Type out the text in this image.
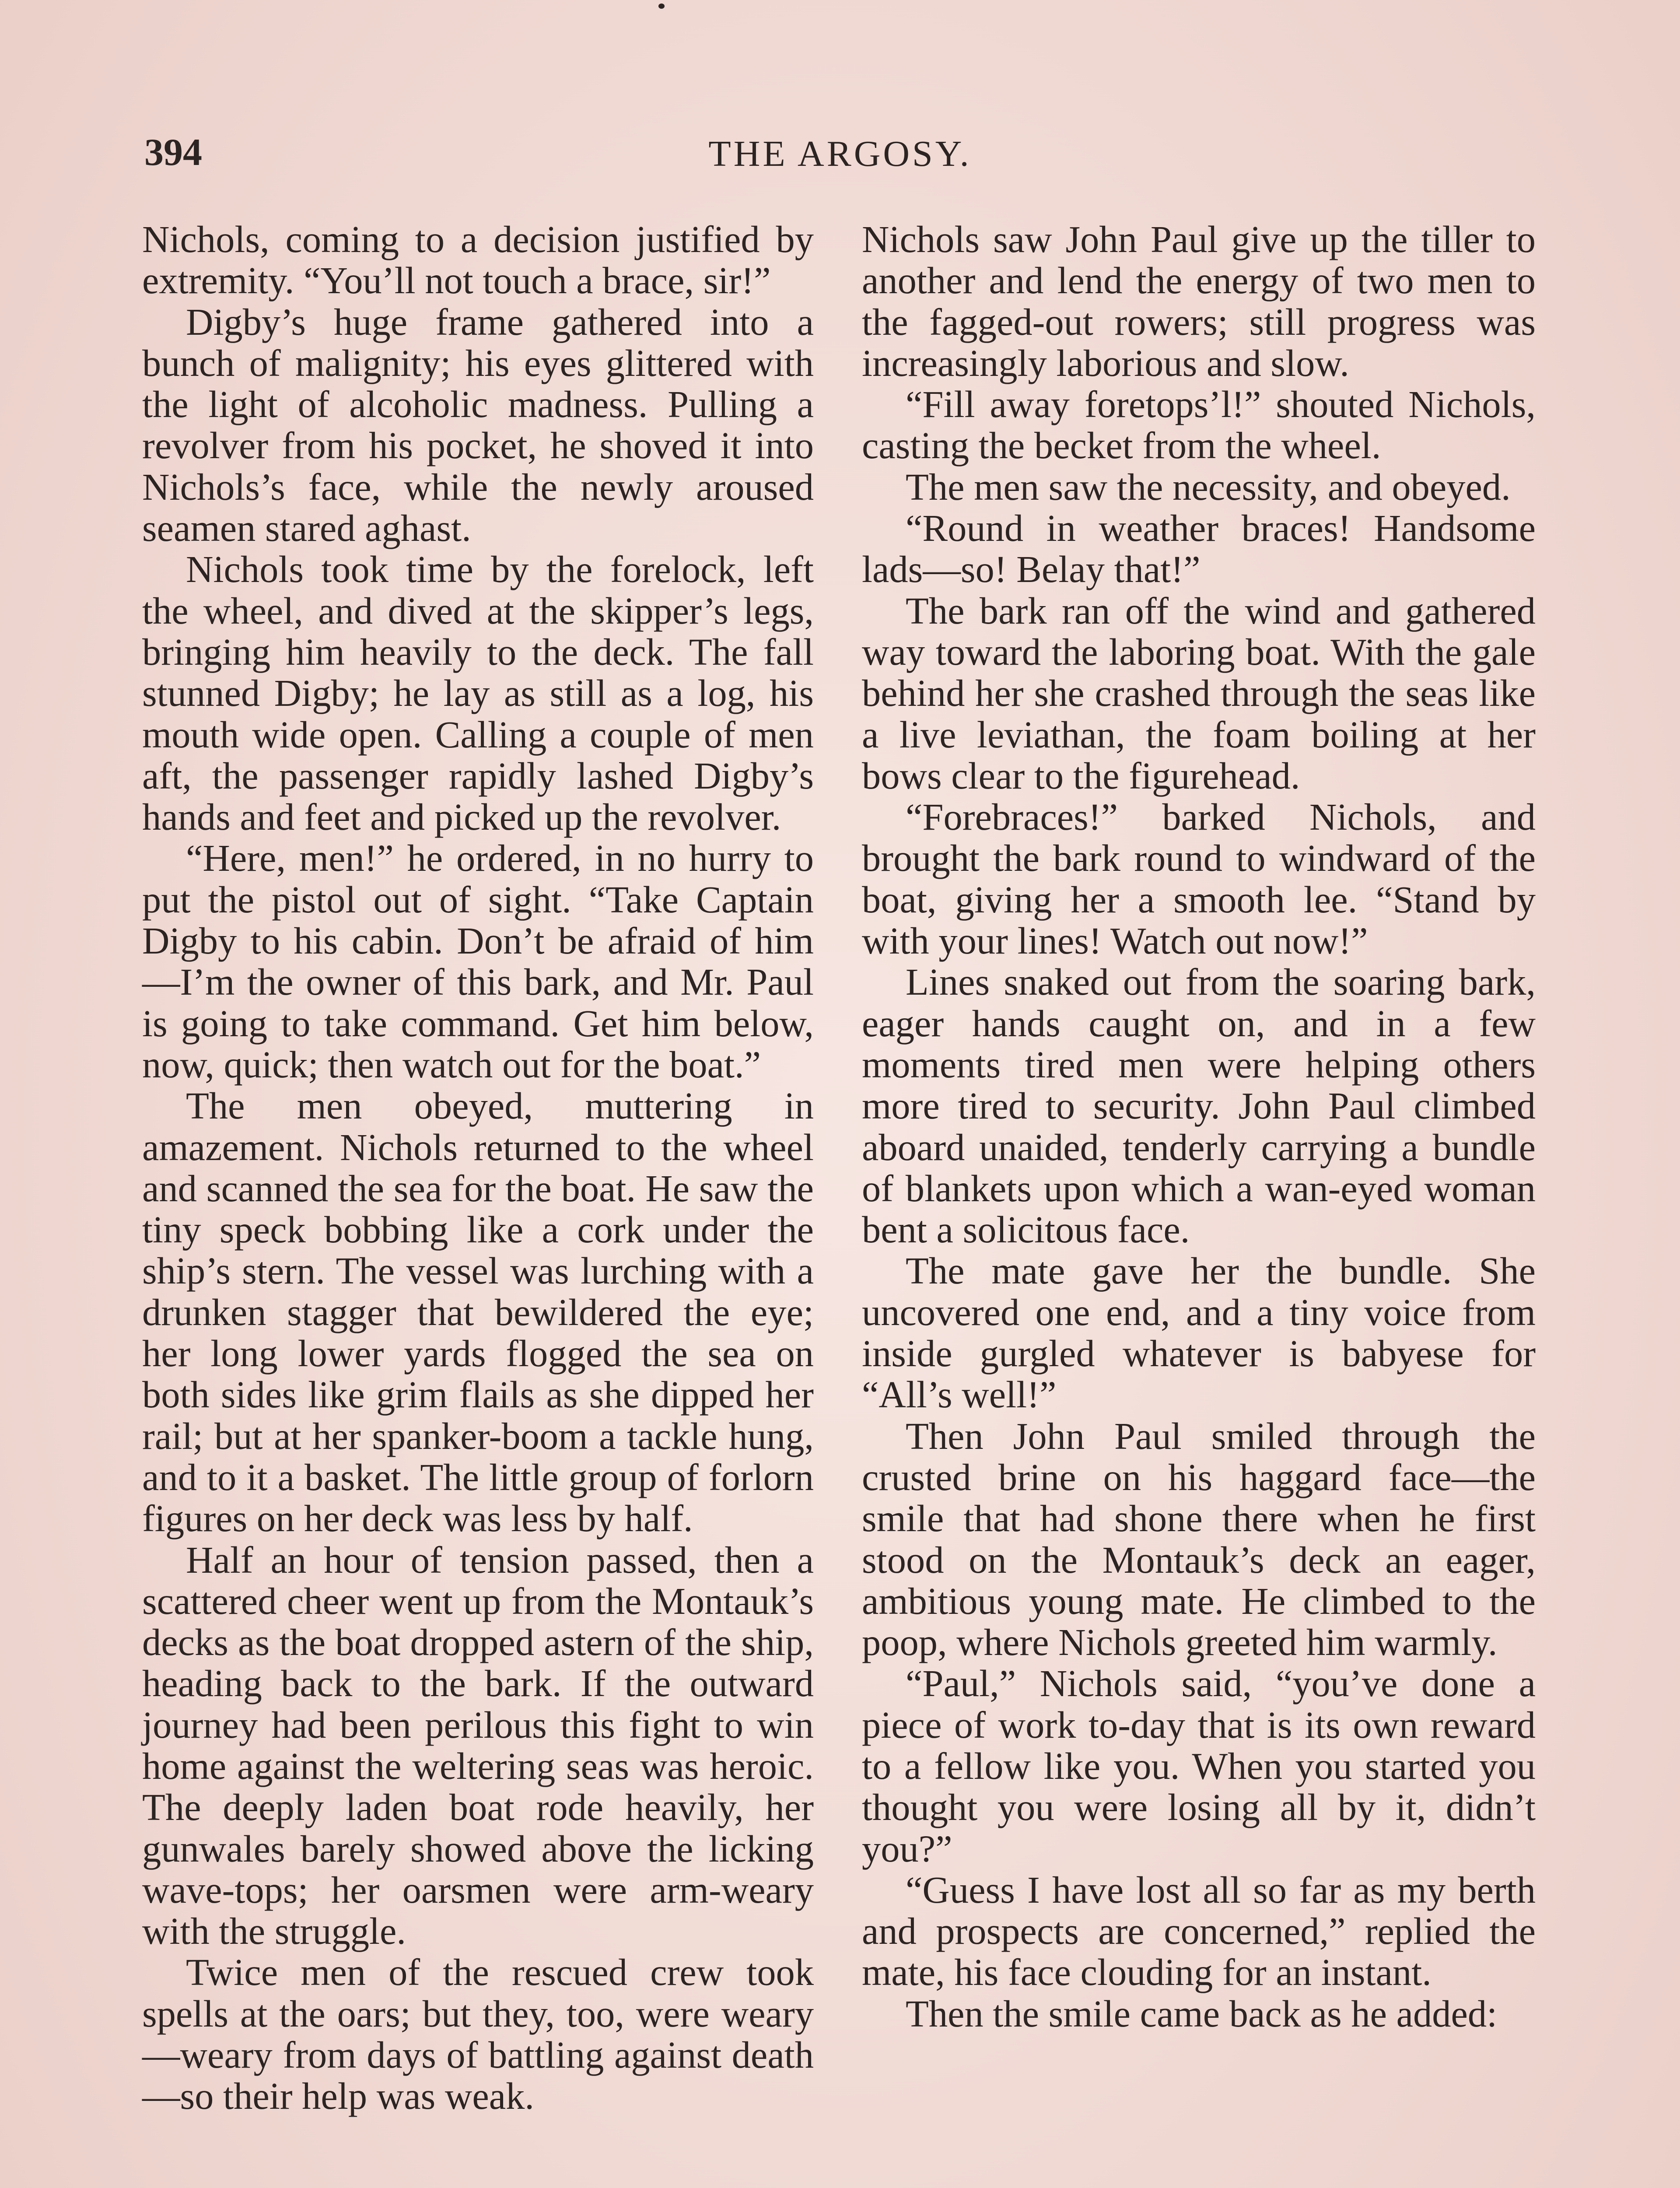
394	THE ARGOSY.

Nichols, coming to a decision justified by extremity. “You’ll not touch a brace, sir!”

Digby’s huge frame gathered into a bunch of malignity; his eyes glittered with the light of alcoholic madness. Pulling a revolver from his pocket, he shoved it into Nichols’s face, while the newly aroused seamen stared aghast.

Nichols took time by the forelock, left the wheel, and dived at the skipper’s legs, bringing him heavily to the deck. The fall stunned Digby; he lay as still as a log, his mouth wide open. Calling a couple of men aft, the passenger rapidly lashed Digby’s hands and feet and picked up the revolver.

“Here, men!” he ordered, in no hurry to put the pistol out of sight. “Take Captain Digby to his cabin. Don’t be afraid of him—I’m the owner of this bark, and Mr. Paul is going to take command. Get him below, now, quick; then watch out for the boat.”

The men obeyed, muttering in amazement. Nichols returned to the wheel and scanned the sea for the boat. He saw the tiny speck bobbing like a cork under the ship’s stern. The vessel was lurching with a drunken stagger that bewildered the eye; her long lower yards flogged the sea on both sides like grim flails as she dipped her rail; but at her spanker-boom a tackle hung, and to it a basket. The little group of forlorn figures on her deck was less by half.

Half an hour of tension passed, then a scattered cheer went up from the Montauk’s decks as the boat dropped astern of the ship, heading back to the bark. If the outward journey had been perilous this fight to win home against the weltering seas was heroic. The deeply laden boat rode heavily, her gunwales barely showed above the licking wave-tops; her oarsmen were arm-weary with the struggle.

Twice men of the rescued crew took spells at the oars; but they, too, were weary—weary from days of battling against death—so their help was weak.

Nichols saw John Paul give up the tiller to another and lend the energy of two men to the fagged-out rowers; still progress was increasingly laborious and slow.

“Fill away foretops’l!” shouted Nichols, casting the becket from the wheel.

The men saw the necessity, and obeyed.

“Round in weather braces! Handsome lads—so! Belay that!”

The bark ran off the wind and gathered way toward the laboring boat. With the gale behind her she crashed through the seas like a live leviathan, the foam boiling at her bows clear to the figurehead.

“Forebraces!” barked Nichols, and brought the bark round to windward of the boat, giving her a smooth lee. “Stand by with your lines! Watch out now!”

Lines snaked out from the soaring bark, eager hands caught on, and in a few moments tired men were helping others more tired to security. John Paul climbed aboard unaided, tenderly carrying a bundle of blankets upon which a wan-eyed woman bent a solicitous face.

The mate gave her the bundle. She uncovered one end, and a tiny voice from inside gurgled whatever is babyese for “All’s well!”

Then John Paul smiled through the crusted brine on his haggard face—the smile that had shone there when he first stood on the Montauk’s deck an eager, ambitious young mate. He climbed to the poop, where Nichols greeted him warmly.

“Paul,” Nichols said, “you’ve done a piece of work to-day that is its own reward to a fellow like you. When you started you thought you were losing all by it, didn’t you?”

“Guess I have lost all so far as my berth and prospects are concerned,” replied the mate, his face clouding for an instant.

Then the smile came back as he added:
